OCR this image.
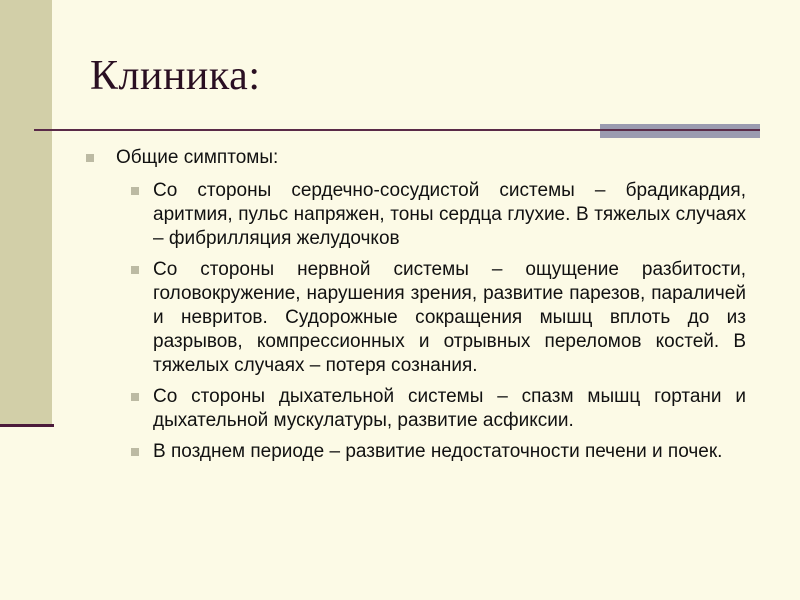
Клиника:
Общие симптомы:
Со стороны сердечно-сосудистой системы – брадикардия, аритмия, пульс напряжен, тоны сердца глухие. В тяжелых случаях – фибрилляция желудочков
Со стороны нервной системы – ощущение разбитости, головокружение, нарушения зрения, развитие парезов, параличей и невритов. Судорожные сокращения мышц вплоть до из разрывов, компрессионных и отрывных переломов костей. В тяжелых случаях – потеря сознания.
Со стороны дыхательной системы – спазм мышц гортани и дыхательной мускулатуры, развитие асфиксии.
В позднем периоде – развитие недостаточности печени и почек.
